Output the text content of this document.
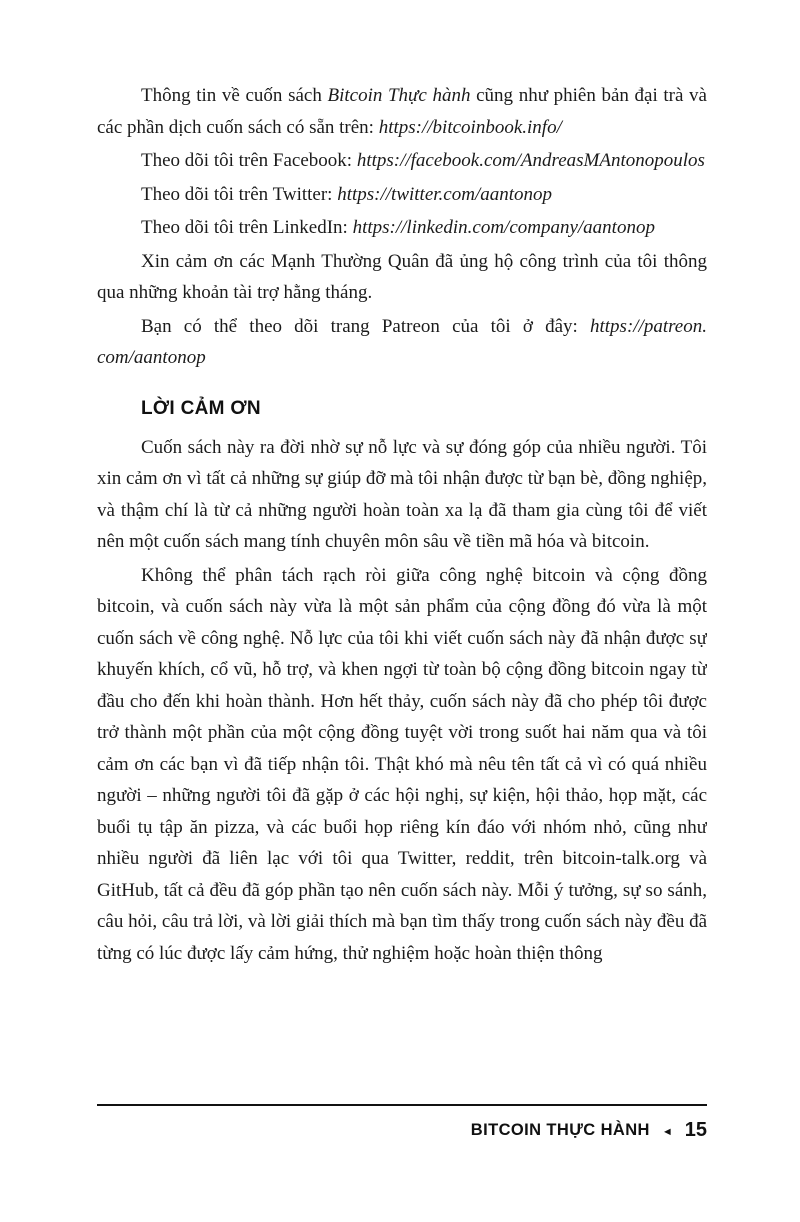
Thông tin về cuốn sách Bitcoin Thực hành cũng như phiên bản đại trà và các phần dịch cuốn sách có sẵn trên: https://bitcoinbook.info/

Theo dõi tôi trên Facebook: https://facebook.com/AndreasMAntonopoulos

Theo dõi tôi trên Twitter: https://twitter.com/aantonop

Theo dõi tôi trên LinkedIn: https://linkedin.com/company/aantonop

Xin cảm ơn các Mạnh Thường Quân đã ủng hộ công trình của tôi thông qua những khoản tài trợ hằng tháng.

Bạn có thể theo dõi trang Patreon của tôi ở đây: https://patreon.com/aantonop

LỜI CẢM ƠN

Cuốn sách này ra đời nhờ sự nỗ lực và sự đóng góp của nhiều người. Tôi xin cảm ơn vì tất cả những sự giúp đỡ mà tôi nhận được từ bạn bè, đồng nghiệp, và thậm chí là từ cả những người hoàn toàn xa lạ đã tham gia cùng tôi để viết nên một cuốn sách mang tính chuyên môn sâu về tiền mã hóa và bitcoin.

Không thể phân tách rạch ròi giữa công nghệ bitcoin và cộng đồng bitcoin, và cuốn sách này vừa là một sản phẩm của cộng đồng đó vừa là một cuốn sách về công nghệ. Nỗ lực của tôi khi viết cuốn sách này đã nhận được sự khuyến khích, cổ vũ, hỗ trợ, và khen ngợi từ toàn bộ cộng đồng bitcoin ngay từ đầu cho đến khi hoàn thành. Hơn hết thảy, cuốn sách này đã cho phép tôi được trở thành một phần của một cộng đồng tuyệt vời trong suốt hai năm qua và tôi cảm ơn các bạn vì đã tiếp nhận tôi. Thật khó mà nêu tên tất cả vì có quá nhiều người – những người tôi đã gặp ở các hội nghị, sự kiện, hội thảo, họp mặt, các buổi tụ tập ăn pizza, và các buổi họp riêng kín đáo với nhóm nhỏ, cũng như nhiều người đã liên lạc với tôi qua Twitter, reddit, trên bitcoin-talk.org và GitHub, tất cả đều đã góp phần tạo nên cuốn sách này. Mỗi ý tưởng, sự so sánh, câu hỏi, câu trả lời, và lời giải thích mà bạn tìm thấy trong cuốn sách này đều đã từng có lúc được lấy cảm hứng, thử nghiệm hoặc hoàn thiện thông

BITCOIN THỰC HÀNH ◄ 15
